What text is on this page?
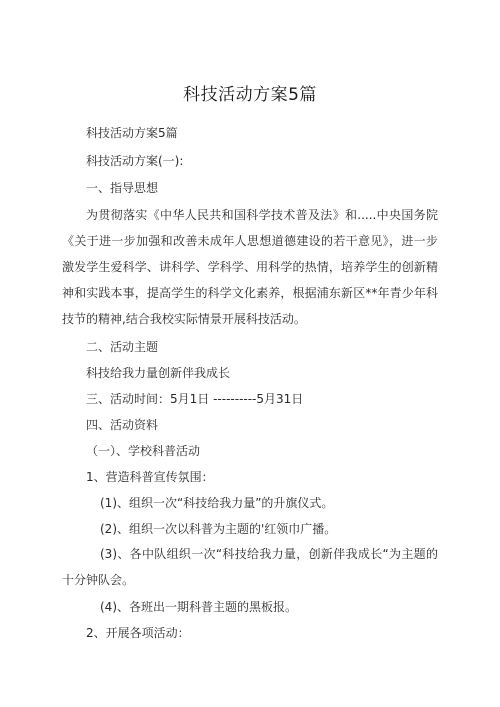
科技活动方案5篇
科技活动方案5篇
科技活动方案(一):
一、指导思想
为贯彻落实《中华人民共和国科学技术普及法》和.....中央国务院《关于进一步加强和改善未成年人思想道德建设的若干意见》，进一步激发学生爱科学、讲科学、学科学、用科学的热情，培养学生的创新精神和实践本事，提高学生的科学文化素养，根据浦东新区**年青少年科技节的精神,结合我校实际情景开展科技活动。
二、活动主题
科技给我力量创新伴我成长
三、活动时间：5月1日 ----------5月31日
四、活动资料
（一）、学校科普活动
1、营造科普宣传氛围：
(1)、组织一次“科技给我力量”的升旗仪式。
(2)、组织一次以科普为主题的'红领巾广播。
(3)、各中队组织一次“科技给我力量，创新伴我成长“为主题的十分钟队会。
(4)、各班出一期科普主题的黑板报。
2、开展各项活动：
